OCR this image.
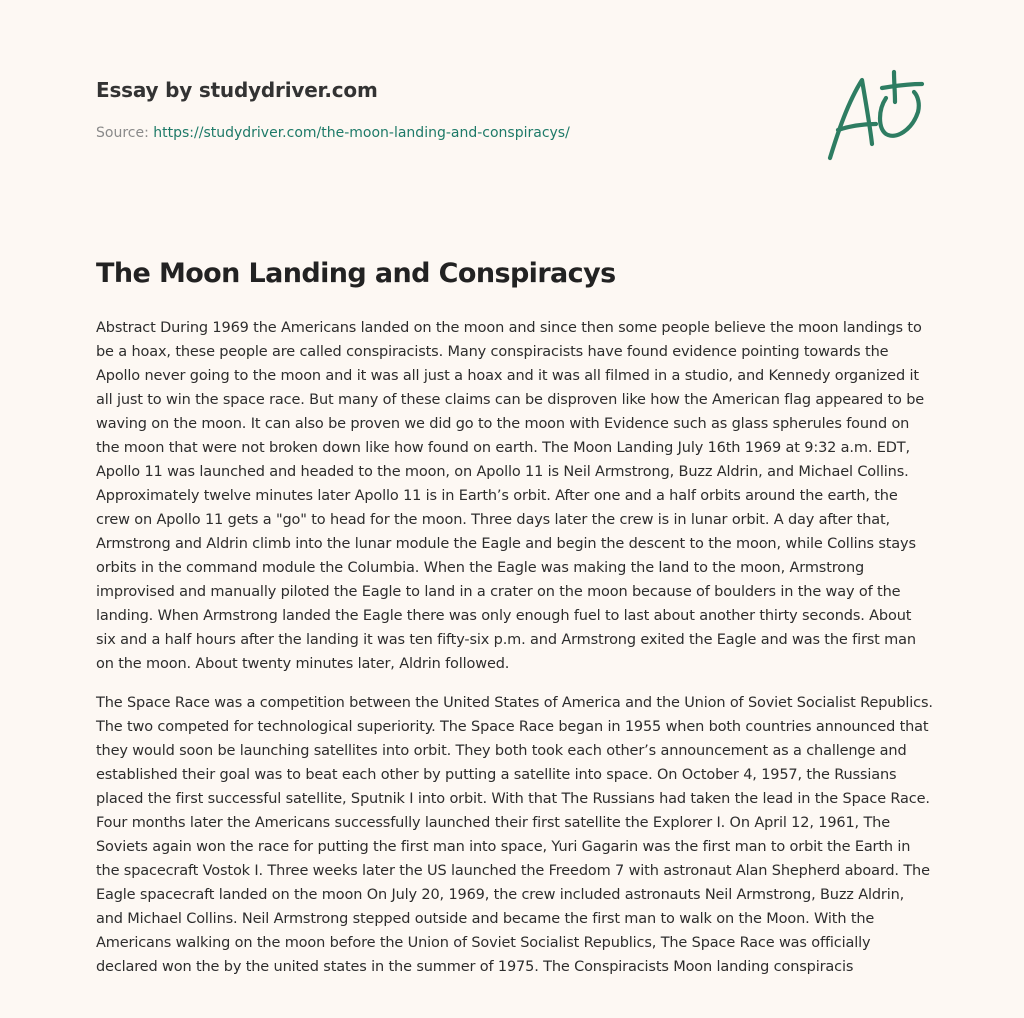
Essay by studydriver.com
Source: https://studydriver.com/the-moon-landing-and-conspiracys/
The Moon Landing and Conspiracys

Abstract During 1969 the Americans landed on the moon and since then some people believe the moon landings to be a hoax, these people are called conspiracists. Many conspiracists have found evidence pointing towards the Apollo never going to the moon and it was all just a hoax and it was all filmed in a studio, and Kennedy organized it all just to win the space race. But many of these claims can be disproven like how the American flag appeared to be waving on the moon. It can also be proven we did go to the moon with Evidence such as glass spherules found on the moon that were not broken down like how found on earth. The Moon Landing July 16th 1969 at 9:32 a.m. EDT, Apollo 11 was launched and headed to the moon, on Apollo 11 is Neil Armstrong, Buzz Aldrin, and Michael Collins. Approximately twelve minutes later Apollo 11 is in Earth’s orbit. After one and a half orbits around the earth, the crew on Apollo 11 gets a "go" to head for the moon. Three days later the crew is in lunar orbit. A day after that, Armstrong and Aldrin climb into the lunar module the Eagle and begin the descent to the moon, while Collins stays orbits in the command module the Columbia. When the Eagle was making the land to the moon, Armstrong improvised and manually piloted the Eagle to land in a crater on the moon because of boulders in the way of the landing. When Armstrong landed the Eagle there was only enough fuel to last about another thirty seconds. About six and a half hours after the landing it was ten fifty-six p.m. and Armstrong exited the Eagle and was the first man on the moon. About twenty minutes later, Aldrin followed.

The Space Race was a competition between the United States of America and the Union of Soviet Socialist Republics. The two competed for technological superiority. The Space Race began in 1955 when both countries announced that they would soon be launching satellites into orbit. They both took each other’s announcement as a challenge and established their goal was to beat each other by putting a satellite into space. On October 4, 1957, the Russians placed the first successful satellite, Sputnik I into orbit. With that The Russians had taken the lead in the Space Race. Four months later the Americans successfully launched their first satellite the Explorer I. On April 12, 1961, The Soviets again won the race for putting the first man into space, Yuri Gagarin was the first man to orbit the Earth in the spacecraft Vostok I. Three weeks later the US launched the Freedom 7 with astronaut Alan Shepherd aboard. The Eagle spacecraft landed on the moon On July 20, 1969, the crew included astronauts Neil Armstrong, Buzz Aldrin, and Michael Collins. Neil Armstrong stepped outside and became the first man to walk on the Moon. With the Americans walking on the moon before the Union of Soviet Socialist Republics, The Space Race was officially declared won the by the united states in the summer of 1975. The Conspiracists Moon landing conspiracis
